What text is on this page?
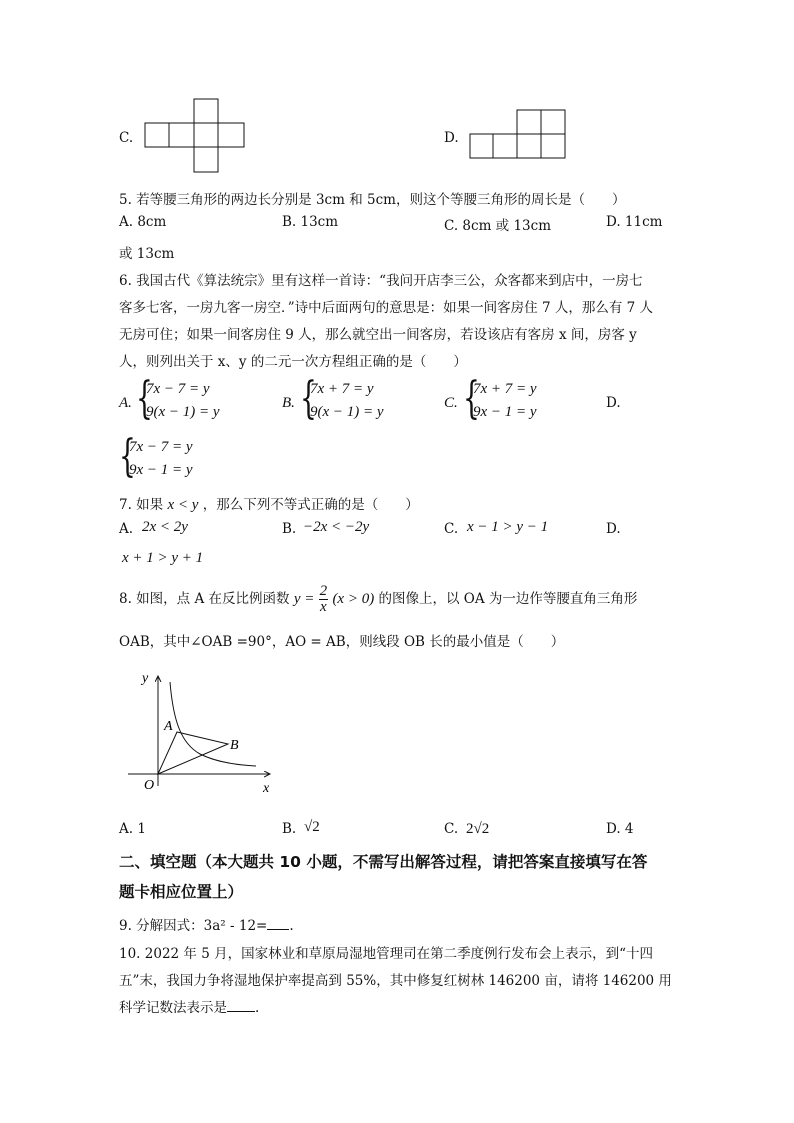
C.	D.
5. 若等腰三角形的两边长分别是 3cm 和 5cm，则这个等腰三角形的周长是（　　）
A. 8cm	B. 13cm	C. 8cm 或 13cm	D. 11cm
或 13cm
6. 我国古代《算法统宗》里有这样一首诗：“我问开店李三公，众客都来到店中，一房七
客多七客，一房九客一房空．”诗中后面两句的意思是：如果一间客房住 7 人，那么有 7 人
无房可住；如果一间客房住 9 人，那么就空出一间客房，若设该店有客房 x 间，房客 y
人，则列出关于 x、y 的二元一次方程组正确的是（　　）
A. {
7x − 7 = y
9(x − 1) = y
B. {
7x + 7 = y
9(x − 1) = y
C. {
7x + 7 = y
9x − 1 = y
D.
{
7x − 7 = y
9x − 1 = y
7. 如果 x < y ，那么下列不等式正确的是（　　）
A. 2x < 2y	B. −2x < −2y	C. x − 1 > y − 1	D.
x + 1 > y + 1
8. 如图，点 A 在反比例函数 $y = \frac{2}{x} (x > 0)$ 的图像上，以 OA 为一边作等腰直角三角形
OAB，其中∠OAB =90°，AO = AB，则线段 OB 长的最小值是（　　）
y
x
O
A
B
A. 1	B. √2	C. 2√2	D. 4
二、填空题（本大题共 10 小题，不需写出解答过程，请把答案直接填写在答
题卡相应位置上）
9. 分解因式：3a² - 12= .
10. 2022 年 5 月，国家林业和草原局湿地管理司在第二季度例行发布会上表示，到“十四
五”末，我国力争将湿地保护率提高到 55%，其中修复红树林 146200 亩，请将 146200 用
科学记数法表示是 .
